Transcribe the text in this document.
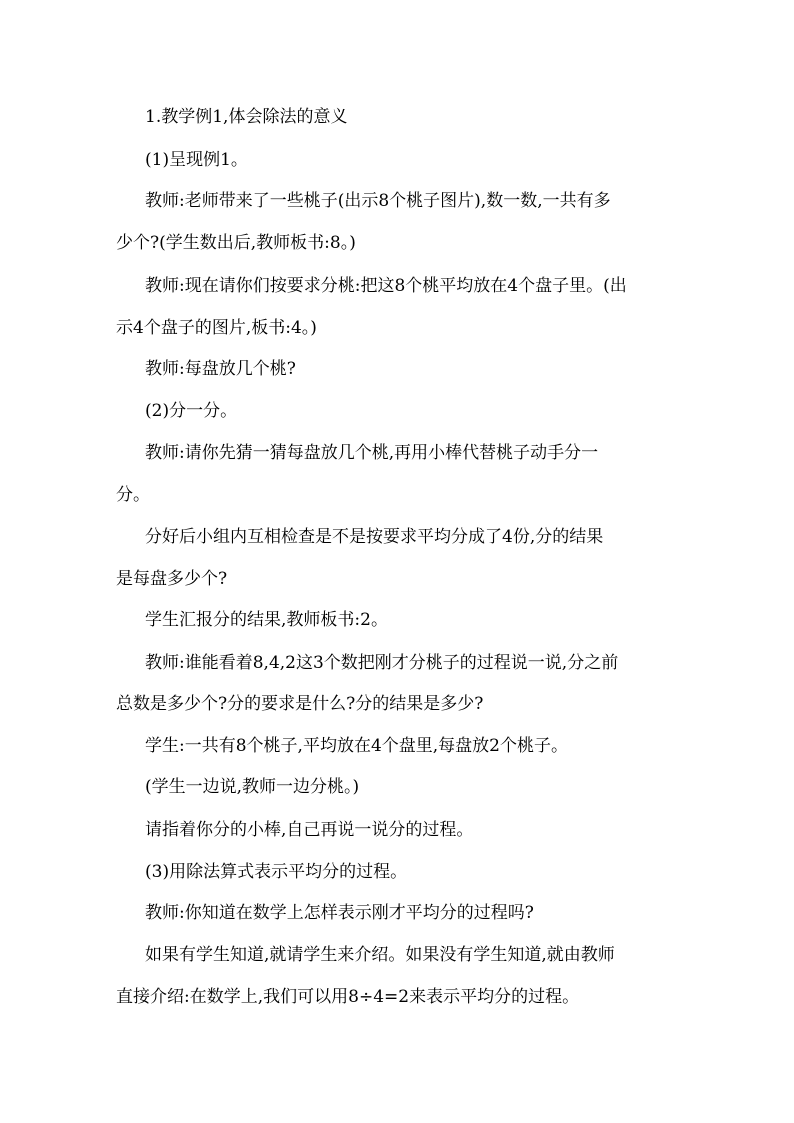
1.教学例1,体会除法的意义
(1)呈现例1。
教师:老师带来了一些桃子(出示8个桃子图片),数一数,一共有多
少个?(学生数出后,教师板书:8。)
教师:现在请你们按要求分桃:把这8个桃平均放在4个盘子里。(出
示4个盘子的图片,板书:4。)
教师:每盘放几个桃?
(2)分一分。
教师:请你先猜一猜每盘放几个桃,再用小棒代替桃子动手分一
分。
分好后小组内互相检查是不是按要求平均分成了4份,分的结果
是每盘多少个?
学生汇报分的结果,教师板书:2。
教师:谁能看着8,4,2这3个数把刚才分桃子的过程说一说,分之前
总数是多少个?分的要求是什么?分的结果是多少?
学生:一共有8个桃子,平均放在4个盘里,每盘放2个桃子。
(学生一边说,教师一边分桃。)
请指着你分的小棒,自己再说一说分的过程。
(3)用除法算式表示平均分的过程。
教师:你知道在数学上怎样表示刚才平均分的过程吗?
如果有学生知道,就请学生来介绍。如果没有学生知道,就由教师
直接介绍:在数学上,我们可以用8÷4=2来表示平均分的过程。
